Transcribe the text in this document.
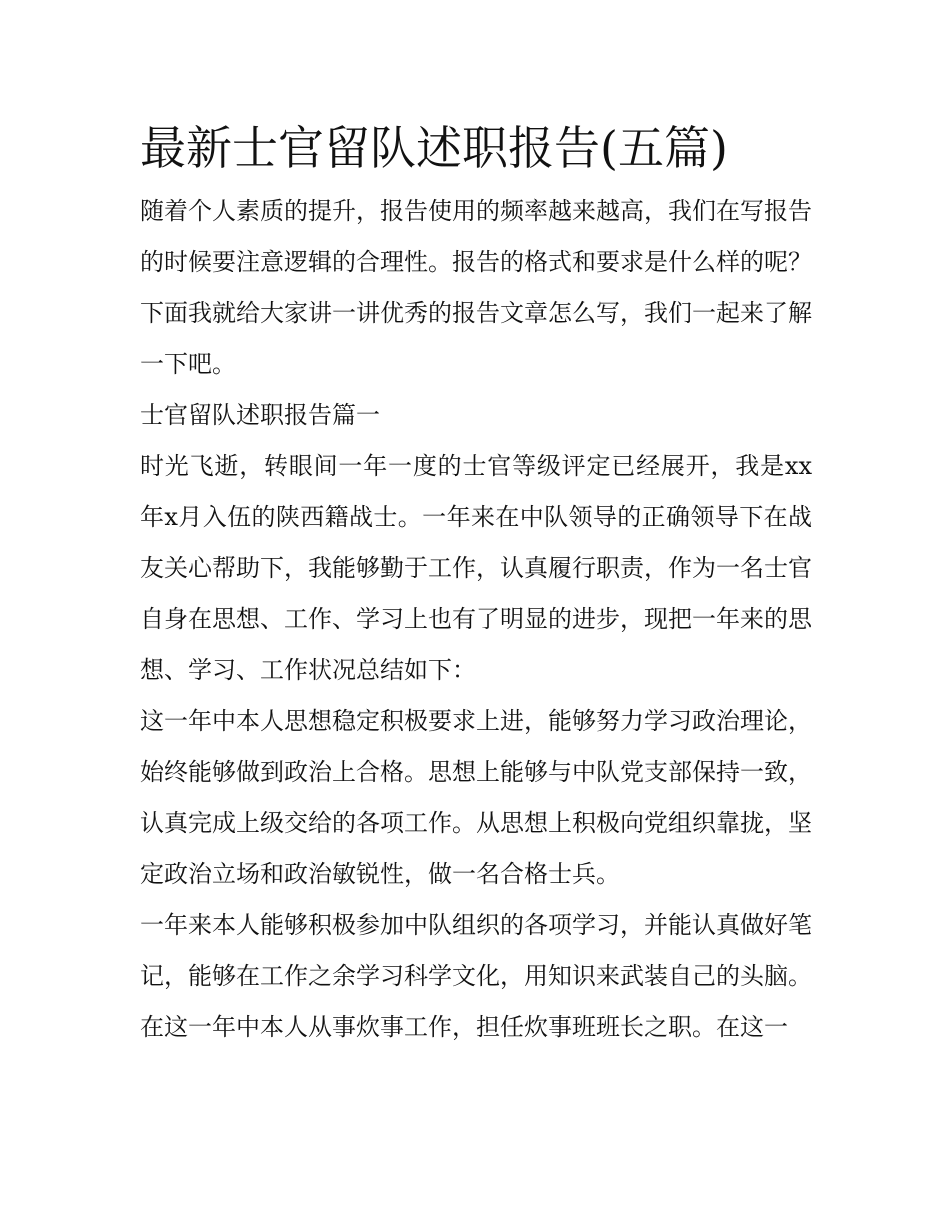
最新士官留队述职报告(五篇)

随着个人素质的提升，报告使用的频率越来越高，我们在写报告的时候要注意逻辑的合理性。报告的格式和要求是什么样的呢？下面我就给大家讲一讲优秀的报告文章怎么写，我们一起来了解一下吧。

士官留队述职报告篇一

时光飞逝，转眼间一年一度的士官等级评定已经展开，我是xx年x月入伍的陕西籍战士。一年来在中队领导的正确领导下在战友关心帮助下，我能够勤于工作，认真履行职责，作为一名士官自身在思想、工作、学习上也有了明显的进步，现把一年来的思想、学习、工作状况总结如下：

这一年中本人思想稳定积极要求上进，能够努力学习政治理论，始终能够做到政治上合格。思想上能够与中队党支部保持一致，认真完成上级交给的各项工作。从思想上积极向党组织靠拢，坚定政治立场和政治敏锐性，做一名合格士兵。

一年来本人能够积极参加中队组织的各项学习，并能认真做好笔记，能够在工作之余学习科学文化，用知识来武装自己的头脑。

在这一年中本人从事炊事工作，担任炊事班班长之职。在这一
